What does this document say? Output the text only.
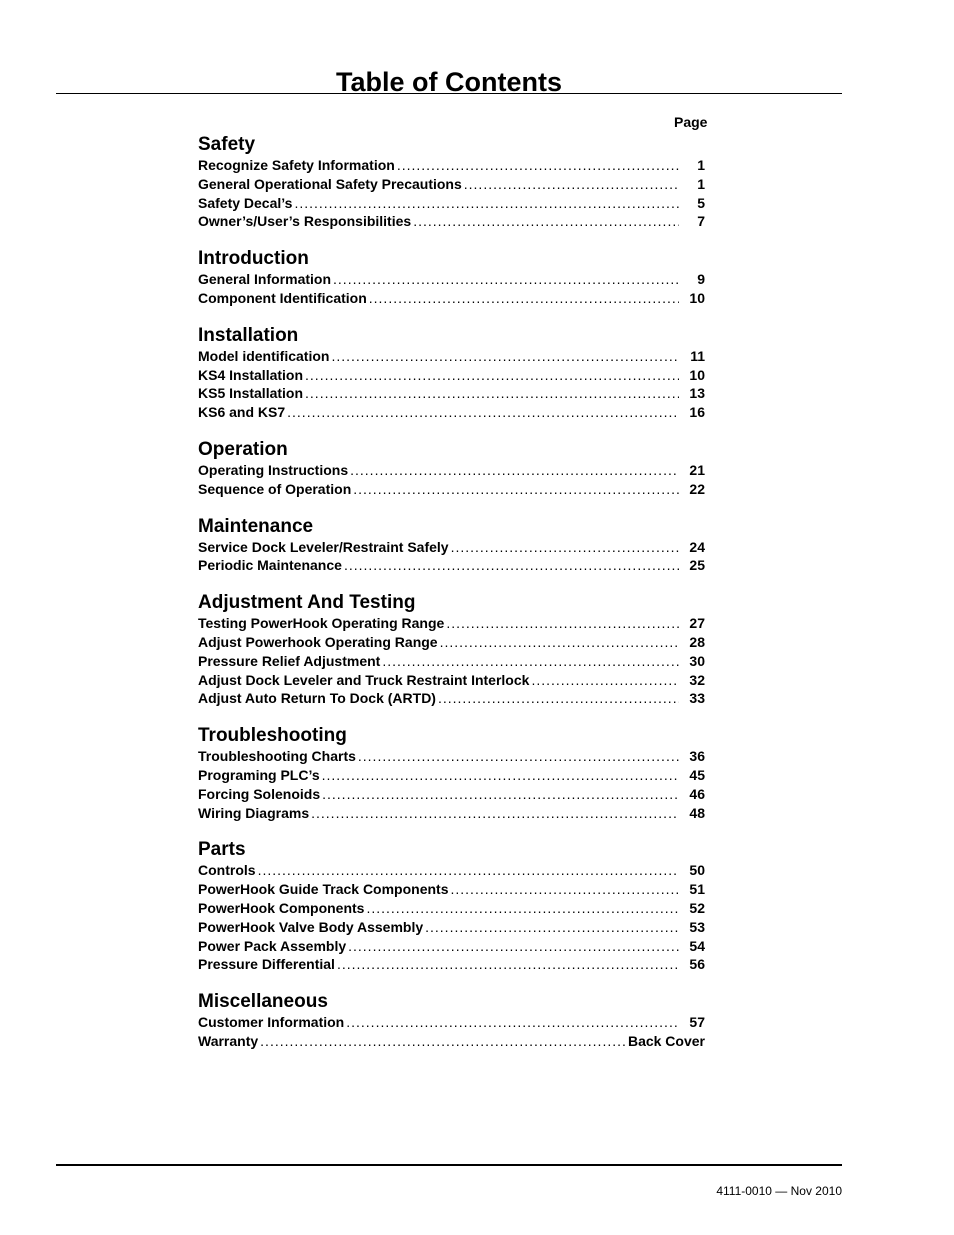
Table of Contents
Page
Safety
Recognize Safety Information .....	1
General Operational Safety Precautions .....	1
Safety Decal’s .....	5
Owner’s/User’s Responsibilities .....	7
Introduction
General Information .....	9
Component Identification .....	10
Installation
Model identification .....	11
KS4 Installation .....	10
KS5 Installation .....	13
KS6 and KS7 .....	16
Operation
Operating Instructions .....	21
Sequence of Operation .....	22
Maintenance
Service Dock Leveler/Restraint Safely .....	24
Periodic Maintenance .....	25
Adjustment And Testing
Testing PowerHook Operating Range .....	27
Adjust Powerhook Operating Range .....	28
Pressure Relief Adjustment .....	30
Adjust Dock Leveler and Truck Restraint Interlock .....	32
Adjust Auto Return To Dock (ARTD) .....	33
Troubleshooting
Troubleshooting Charts .....	36
Programing PLC’s .....	45
Forcing Solenoids .....	46
Wiring Diagrams .....	48
Parts
Controls .....	50
PowerHook Guide Track Components .....	51
PowerHook Components .....	52
PowerHook Valve Body Assembly .....	53
Power Pack Assembly .....	54
Pressure Differential .....	56
Miscellaneous
Customer Information .....	57
Warranty .....	Back Cover
4111-0010 — Nov 2010
